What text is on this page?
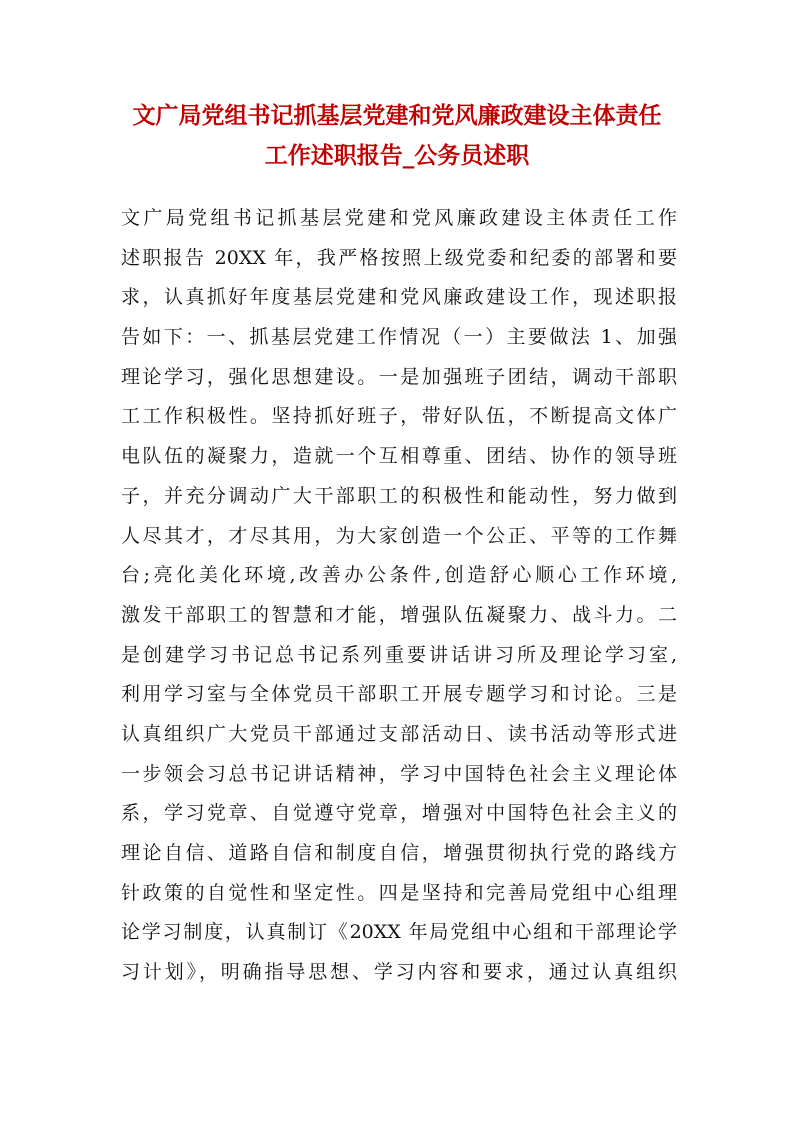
文广局党组书记抓基层党建和党风廉政建设主体责任
工作述职报告_公务员述职
文广局党组书记抓基层党建和党风廉政建设主体责任工作
述职报告 20XX 年，我严格按照上级党委和纪委的部署和要
求，认真抓好年度基层党建和党风廉政建设工作，现述职报
告如下：一、抓基层党建工作情况（一）主要做法 1、加强
理论学习，强化思想建设。一是加强班子团结，调动干部职
工工作积极性。坚持抓好班子，带好队伍，不断提高文体广
电队伍的凝聚力，造就一个互相尊重、团结、协作的领导班
子，并充分调动广大干部职工的积极性和能动性，努力做到
人尽其才，才尽其用，为大家创造一个公正、平等的工作舞
台;亮化美化环境,改善办公条件,创造舒心顺心工作环境,
激发干部职工的智慧和才能，增强队伍凝聚力、战斗力。二
是创建学习书记总书记系列重要讲话讲习所及理论学习室,
利用学习室与全体党员干部职工开展专题学习和讨论。三是
认真组织广大党员干部通过支部活动日、读书活动等形式进
一步领会习总书记讲话精神，学习中国特色社会主义理论体
系，学习党章、自觉遵守党章，增强对中国特色社会主义的
理论自信、道路自信和制度自信，增强贯彻执行党的路线方
针政策的自觉性和坚定性。四是坚持和完善局党组中心组理
论学习制度，认真制订《20XX 年局党组中心组和干部理论学
习计划》，明确指导思想、学习内容和要求，通过认真组织
